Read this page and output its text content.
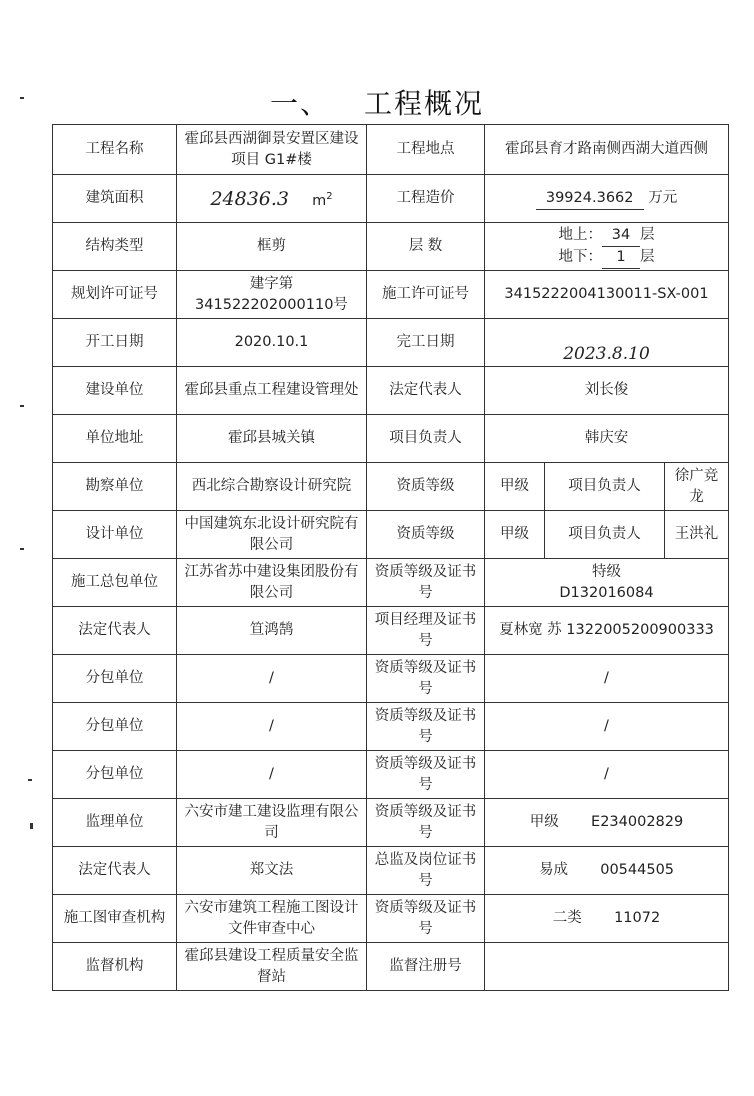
一、 工程概况
工程名称	霍邱县西湖御景安置区建设项目 G1#楼	工程地点	霍邱县育才路南侧西湖大道西侧		
建筑面积	24836.3 $m^2$	工程造价	39924.3662 万元		
结构类型	框剪	层 数	地上： 34 层
地下： 1 层		

规划许可证号	建字第 341522202000110号	施工许可证号	3415222004130011-SX-001		
开工日期	2020.10.1	完工日期	2023.8.10		
建设单位	霍邱县重点工程建设管理处	法定代表人	刘长俊		
单位地址	霍邱县城关镇	项目负责人	韩庆安		
勘察单位	西北综合勘察设计研究院	资质等级	甲级	项目负责人	徐广竞龙
设计单位	中国建筑东北设计研究院有限公司	资质等级	甲级	项目负责人	王洪礼
施工总包单位	江苏省苏中建设集团股份有限公司	资质等级及证书号	特级
D132016084		

法定代表人	笪鸿鹄	项目经理及证书号	夏林宽 苏 1322005200900333		
分包单位	/	资质等级及证书号	/		
分包单位	/	资质等级及证书号	/		
分包单位	/	资质等级及证书号	/		
监理单位	六安市建工建设监理有限公司	资质等级及证书号	甲级 E234002829		
法定代表人	郑文法	总监及岗位证书号	易成 00544505		
施工图审查机构	六安市建筑工程施工图设计文件审查中心	资质等级及证书号	二类 11072		
监督机构	霍邱县建设工程质量安全监督站	监督注册号			
